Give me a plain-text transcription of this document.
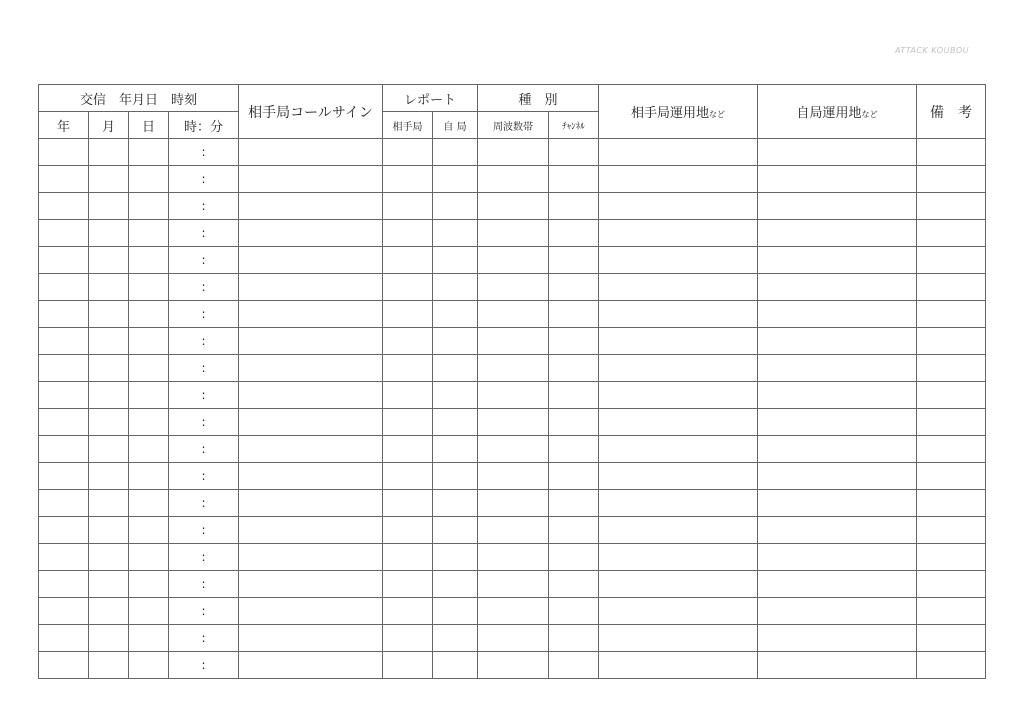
ATTACK KOUBOU
交信　年月日　時刻				相手局コールサイン	レポート		種　別		相手局運用地など	自局運用地など	備　考
年	月	日	時：分		相手局	自 局	周波数帯	ﾁｬﾝﾈﾙ			
			:								
			:								
			:								
			:								
			:								
			:								
			:								
			:								
			:								
			:								
			:								
			:								
			:								
			:								
			:								
			:								
			:								
			:								
			:								
			:								
